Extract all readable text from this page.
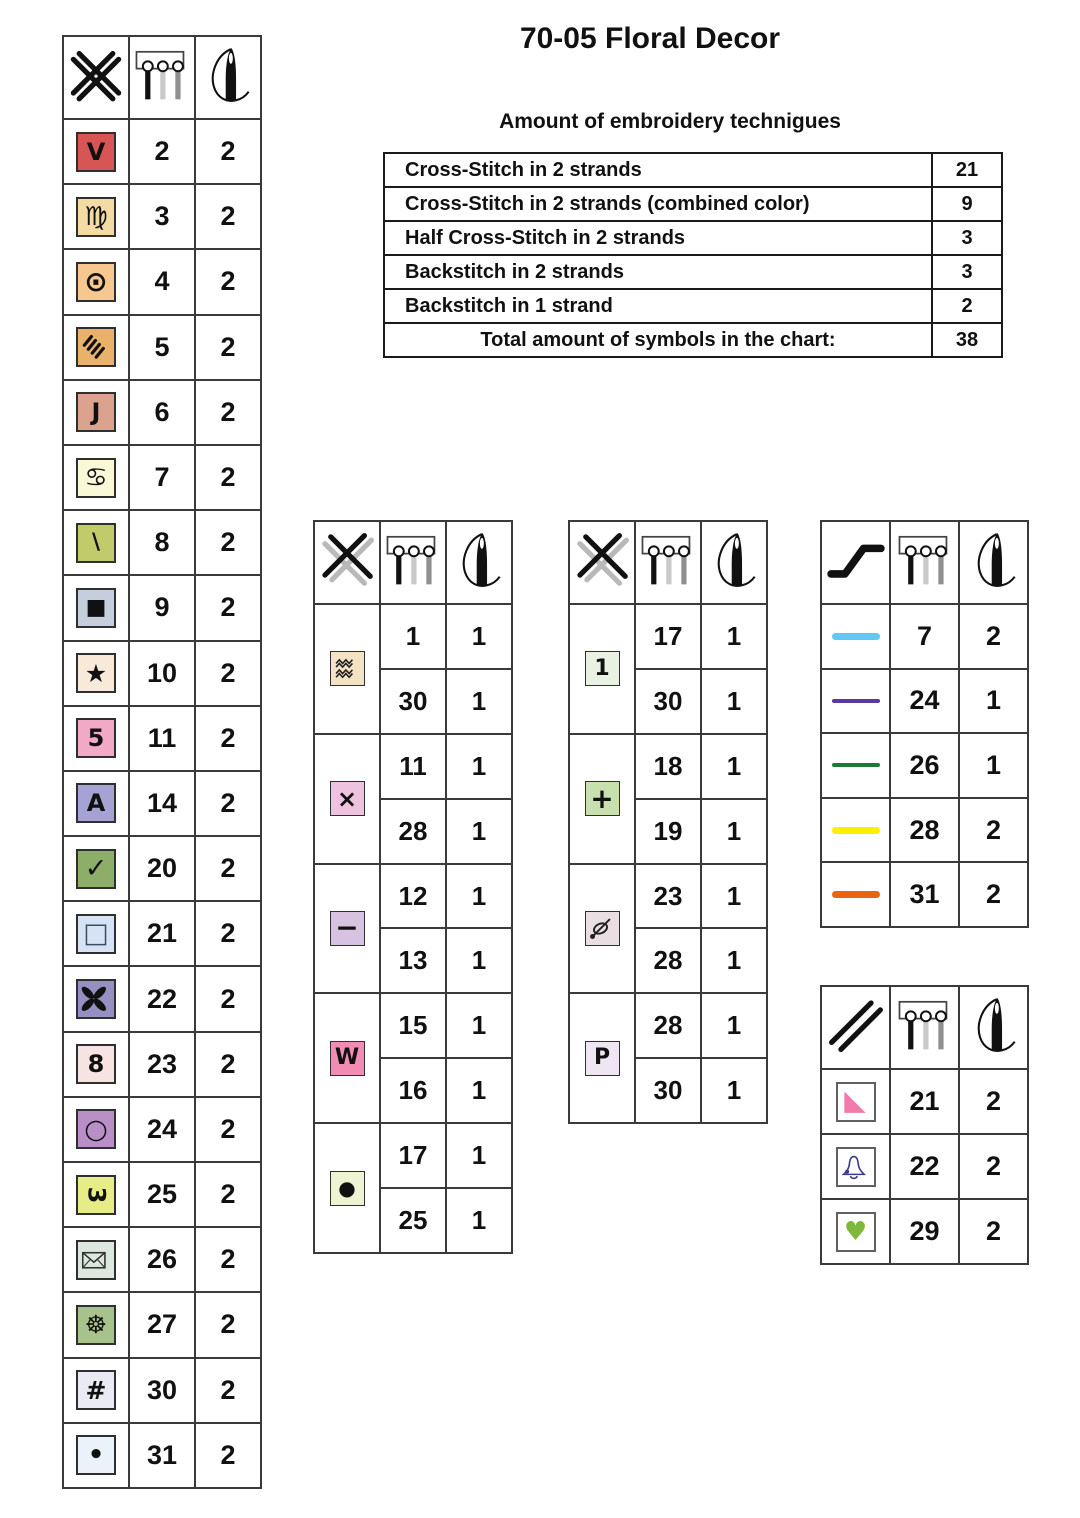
70-05 Floral Decor
Amount of embroidery technigues
Cross-Stitch in 2 strands	21
Cross-Stitch in 2 strands (combined color)	9
Half Cross-Stitch in 2 strands	3
Backstitch in 2 strands	3
Backstitch in 1 strand	2
Total amount of symbols in the chart:	38

V	2	2

♍	3	2

⊙	4	2

	5	2

J	6	2

♋	7	2

\	8	2

■	9	2

★	10	2

5	11	2

A	14	2

✓	20	2

□	21	2

	22	2

8	23	2

○	24	2

3	25	2

	26	2

☸	27	2

#	30	2

•	31	2

	1	1
	30	1

×	11	1
	28	1

−	12	1
	13	1

W	15	1
	16	1

●	17	1
	25	1

1	17	1
	30	1

+	18	1
	19	1

	23	1
	28	1

P	28	1
	30	1

	7	2

	24	1

	26	1

	28	2

	31	2

	21	2

	22	2

♥	29	2
